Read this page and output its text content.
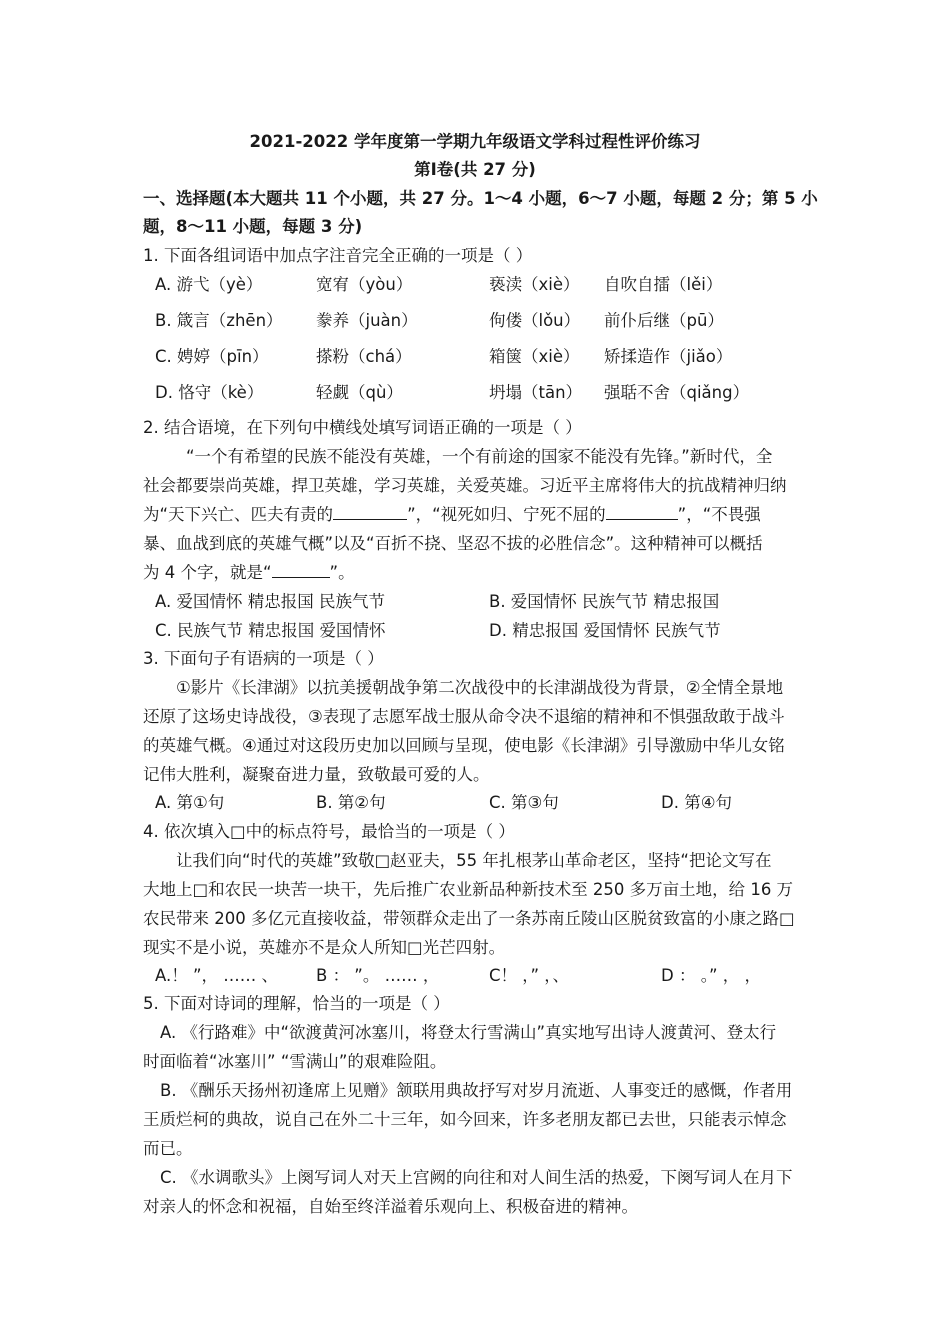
2021-2022 学年度第一学期九年级语文学科过程性评价练习
第Ⅰ卷(共 27 分)
一、选择题(本大题共 11 个小题，共 27 分。1～4 小题，6～7 小题，每题 2 分；第 5 小
题，8～11 小题，每题 3 分)
1. 下面各组词语中加点字注音完全正确的一项是（ ）
A. 游弋（yè）	宽宥（yòu）	亵渎（xiè） 自吹自擂（lěi）
B. 箴言（zhēn） 豢养（juàn）	佝偻（lǒu） 前仆后继（pū）
C. 娉婷（pīn）	搽粉（chá）	箱箧（xiè） 矫揉造作（jiǎo）
D. 恪守（kè）	轻觑（qù）	坍塌（tān） 强聒不舍（qiǎng）
2. 结合语境，在下列句中横线处填写词语正确的一项是（ ）
“一个有希望的民族不能没有英雄，一个有前途的国家不能没有先锋。”新时代，全
社会都要崇尚英雄，捍卫英雄，学习英雄，关爱英雄。习近平主席将伟大的抗战精神归纳
为“天下兴亡、匹夫有责的	”，“视死如归、宁死不屈的	”，“不畏强
暴、血战到底的英雄气概”以及“百折不挠、坚忍不拔的必胜信念”。这种精神可以概括
为 4 个字，就是“	”。
A. 爱国情怀 精忠报国 民族气节	B. 爱国情怀 民族气节 精忠报国
C. 民族气节 精忠报国 爱国情怀	D. 精忠报国 爱国情怀 民族气节
3. 下面句子有语病的一项是（ ）
①影片《长津湖》以抗美援朝战争第二次战役中的长津湖战役为背景，②全情全景地
还原了这场史诗战役，③表现了志愿军战士服从命令决不退缩的精神和不惧强敌敢于战斗
的英雄气概。④通过对这段历史加以回顾与呈现，使电影《长津湖》引导激励中华儿女铭
记伟大胜利，凝聚奋进力量，致敬最可爱的人。
A. 第①句	B. 第②句	C. 第③句	D. 第④句
4. 依次填入□中的标点符号，最恰当的一项是（ ）
让我们向“时代的英雄”致敬□赵亚夫，55 年扎根茅山革命老区，坚持“把论文写在
大地上□和农民一块苦一块干，先后推广农业新品种新技术至 250 多万亩土地，给 16 万
农民带来 200 多亿元直接收益，带领群众走出了一条苏南丘陵山区脱贫致富的小康之路□
现实不是小说，英雄亦不是众人所知□光芒四射。
A.！ ”， …… 、 B ： ”。 …… ，	C！ ，” ，、	D ： 。” ， ，
5. 下面对诗词的理解，恰当的一项是（ ）
A. 《行路难》中“欲渡黄河冰塞川，将登太行雪满山”真实地写出诗人渡黄河、登太行
时面临着“冰塞川” “雪满山”的艰难险阻。
B. 《酬乐天扬州初逢席上见赠》颔联用典故抒写对岁月流逝、人事变迁的感慨，作者用
王质烂柯的典故，说自己在外二十三年，如今回来，许多老朋友都已去世，只能表示悼念
而已。
C. 《水调歌头》上阕写词人对天上宫阙的向往和对人间生活的热爱，下阕写词人在月下
对亲人的怀念和祝福，自始至终洋溢着乐观向上、积极奋进的精神。
